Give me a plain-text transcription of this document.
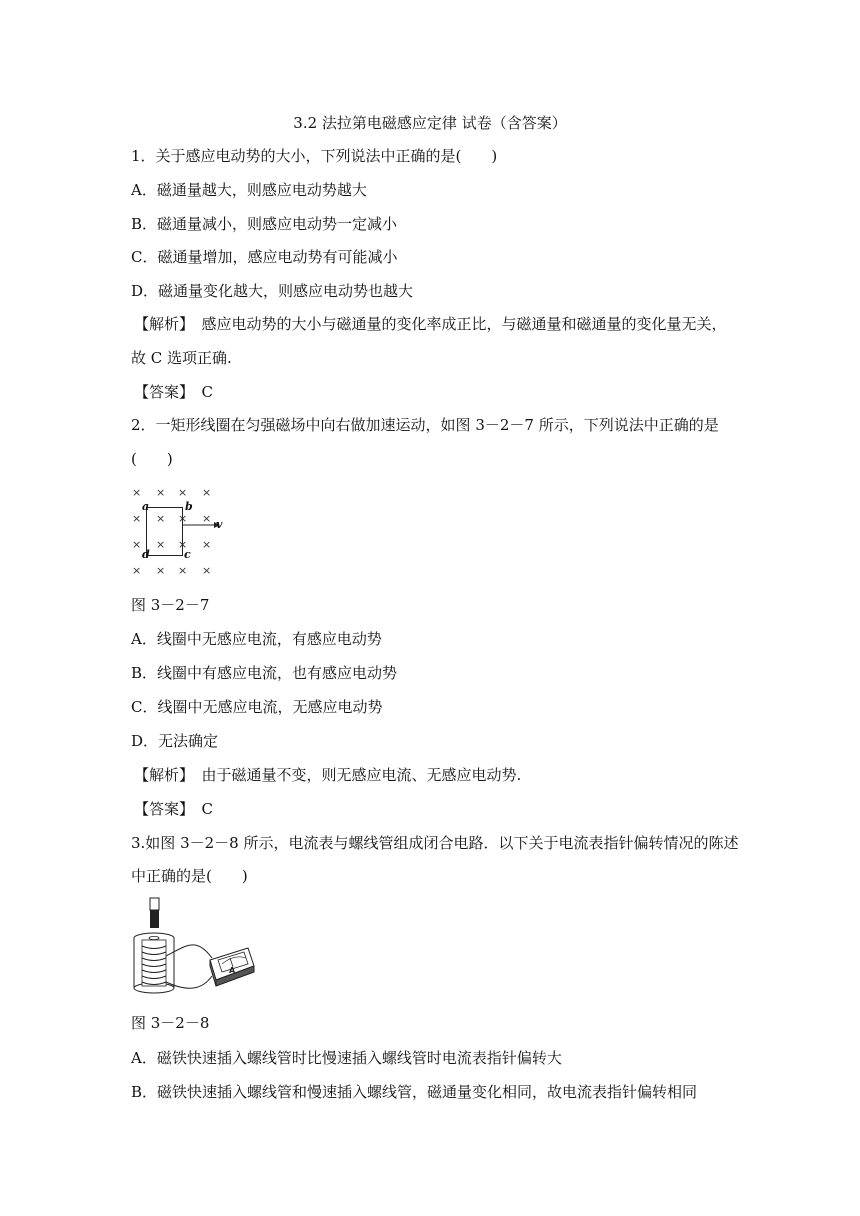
3.2 法拉第电磁感应定律 试卷（含答案）
1．关于感应电动势的大小，下列说法中正确的是(　　)
A．磁通量越大，则感应电动势越大
B．磁通量减小，则感应电动势一定减小
C．磁通量增加，感应电动势有可能减小
D．磁通量变化越大，则感应电动势也越大
【解析】　感应电动势的大小与磁通量的变化率成正比，与磁通量和磁通量的变化量无关，
故 C 选项正确.
【答案】　C
2．一矩形线圈在匀强磁场中向右做加速运动，如图 3－2－7 所示，下列说法中正确的是
(　　)
× × × ×
× × × ×
× × × ×
× × × ×
a	b
c
d
v
图 3－2－7
A．线圈中无感应电流，有感应电动势
B．线圈中有感应电流，也有感应电动势
C．线圈中无感应电流，无感应电动势
D．无法确定
【解析】　由于磁通量不变，则无感应电流、无感应电动势.
【答案】　C
3.如图 3－2－8 所示，电流表与螺线管组成闭合电路．以下关于电流表指针偏转情况的陈述
中正确的是(　　)
A
图 3－2－8
A．磁铁快速插入螺线管时比慢速插入螺线管时电流表指针偏转大
B．磁铁快速插入螺线管和慢速插入螺线管，磁通量变化相同，故电流表指针偏转相同
